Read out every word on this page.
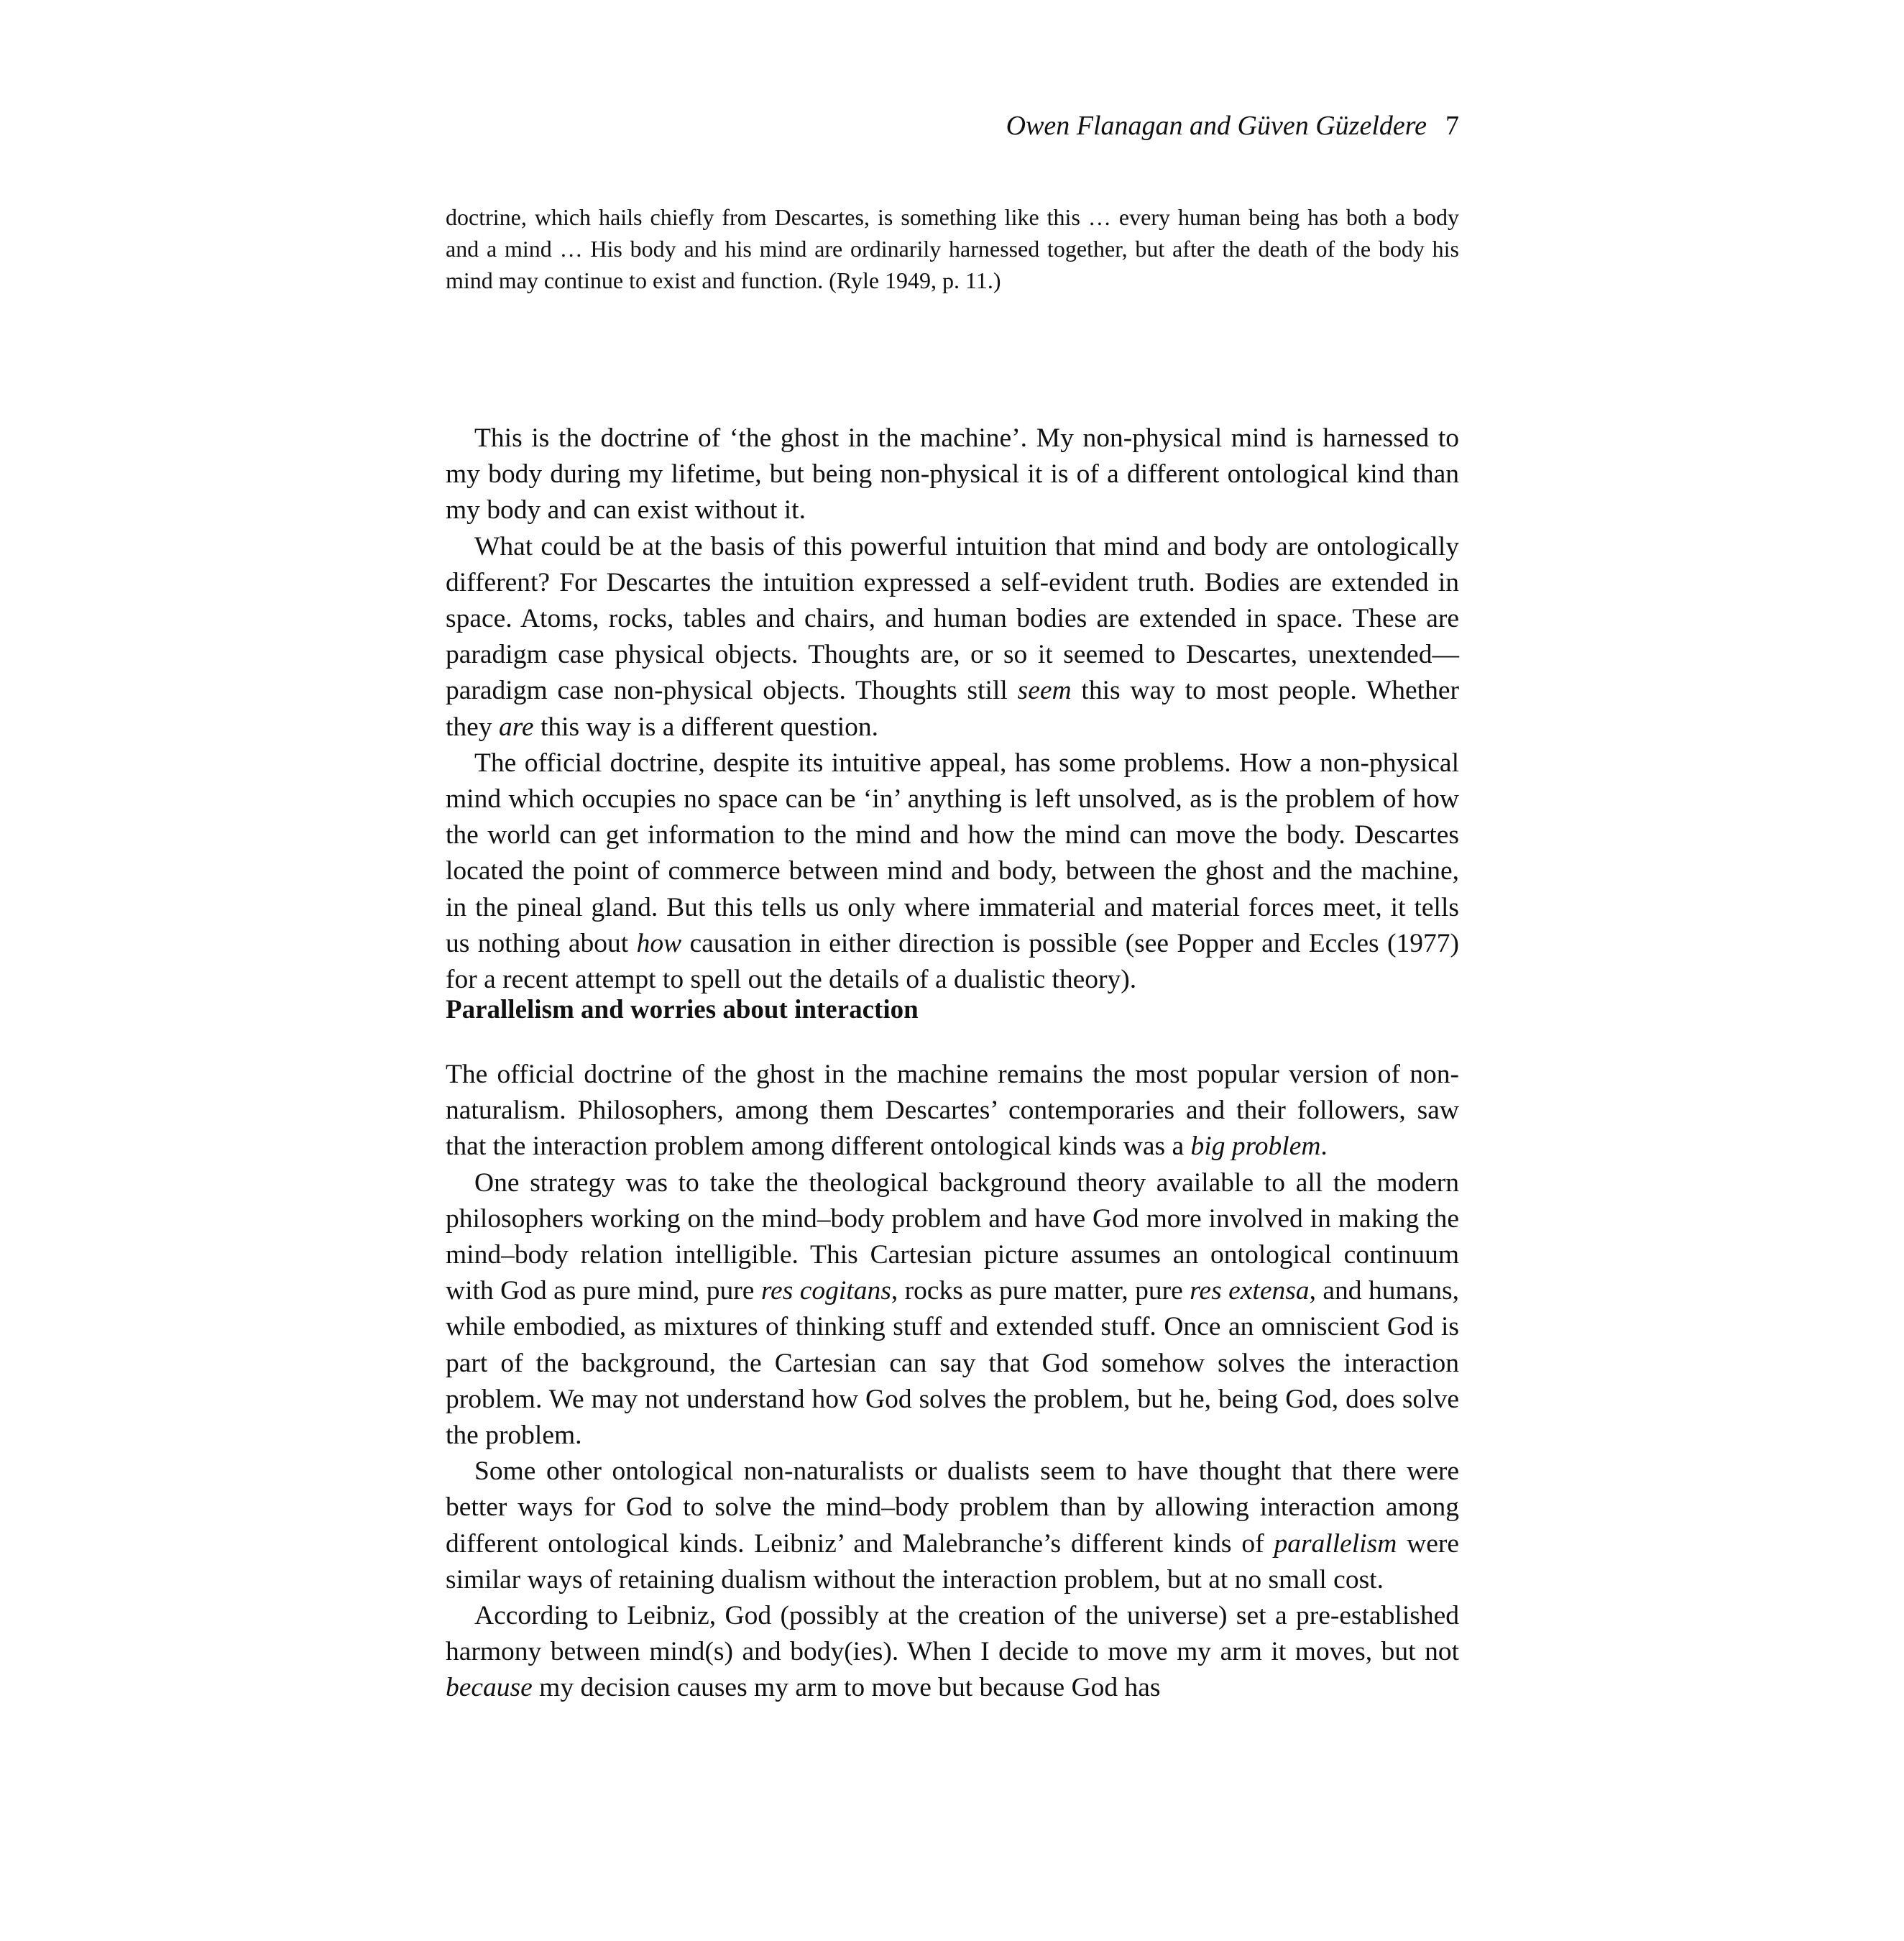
Owen Flanagan and Güven Güzeldere 7
doctrine, which hails chiefly from Descartes, is something like this … every human being has both a body and a mind … His body and his mind are ordinarily harnessed together, but after the death of the body his mind may continue to exist and function. (Ryle 1949, p. 11.)

This is the doctrine of ‘the ghost in the machine’. My non-physical mind is harnessed to my body during my lifetime, but being non-physical it is of a different ontological kind than my body and can exist without it.

What could be at the basis of this powerful intuition that mind and body are ontologically different? For Descartes the intuition expressed a self-evident truth. Bodies are extended in space. Atoms, rocks, tables and chairs, and human bodies are extended in space. These are paradigm case physical objects. Thoughts are, or so it seemed to Descartes, unextended—paradigm case non-physical objects. Thoughts still seem this way to most people. Whether they are this way is a different question.

The official doctrine, despite its intuitive appeal, has some problems. How a non-physical mind which occupies no space can be ‘in’ anything is left unsolved, as is the problem of how the world can get information to the mind and how the mind can move the body. Descartes located the point of commerce between mind and body, between the ghost and the machine, in the pineal gland. But this tells us only where immaterial and material forces meet, it tells us nothing about how causation in either direction is possible (see Popper and Eccles (1977) for a recent attempt to spell out the details of a dualistic theory).

Parallelism and worries about interaction

The official doctrine of the ghost in the machine remains the most popular version of non-naturalism. Philosophers, among them Descartes’ contemporaries and their followers, saw that the interaction problem among different ontological kinds was a big problem.

One strategy was to take the theological background theory available to all the modern philosophers working on the mind–body problem and have God more involved in making the mind–body relation intelligible. This Cartesian picture assumes an ontological continuum with God as pure mind, pure res cogitans, rocks as pure matter, pure res extensa, and humans, while embodied, as mixtures of thinking stuff and extended stuff. Once an omniscient God is part of the background, the Cartesian can say that God somehow solves the interaction problem. We may not understand how God solves the problem, but he, being God, does solve the problem.

Some other ontological non-naturalists or dualists seem to have thought that there were better ways for God to solve the mind–body problem than by allowing interaction among different ontological kinds. Leibniz’ and Malebranche’s different kinds of parallelism were similar ways of retaining dualism without the interaction problem, but at no small cost.

According to Leibniz, God (possibly at the creation of the universe) set a pre-established harmony between mind(s) and body(ies). When I decide to move my arm it moves, but not because my decision causes my arm to move but because God has
